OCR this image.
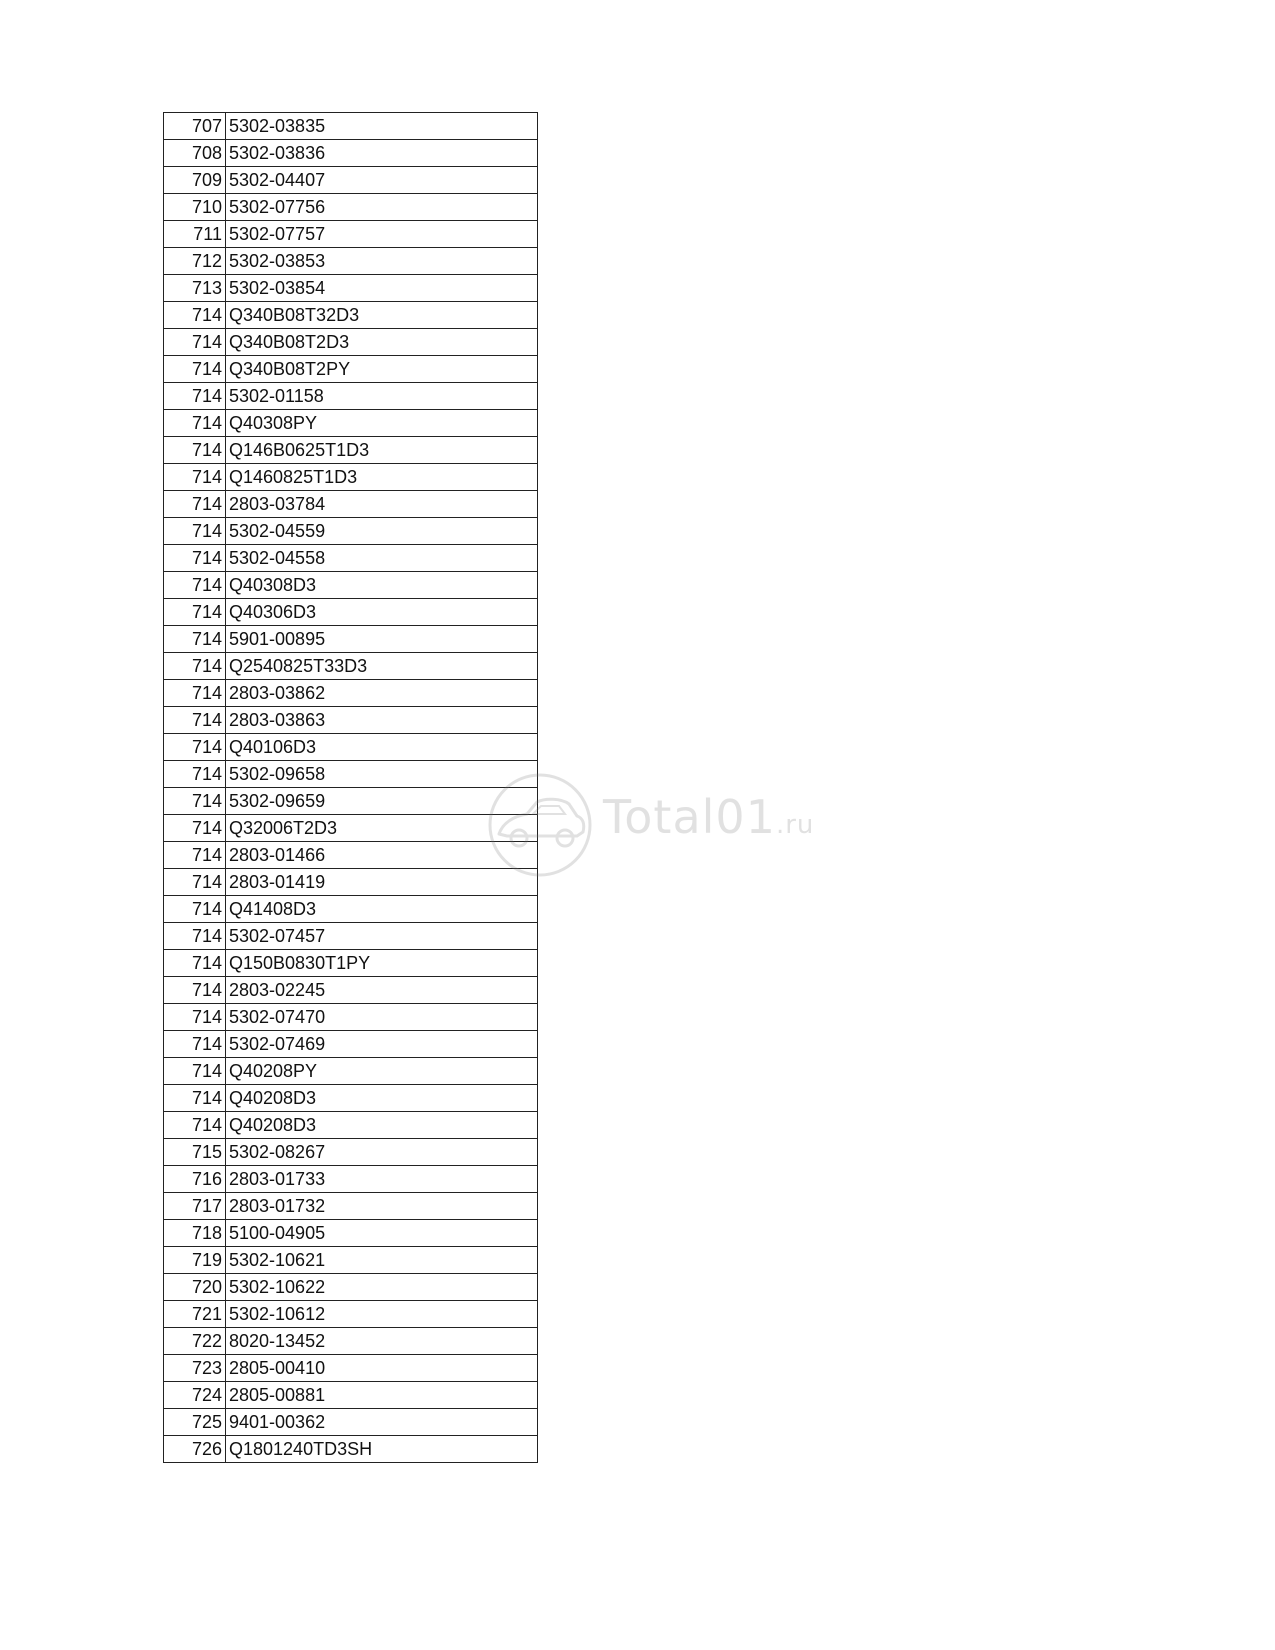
707	5302-03835
708	5302-03836
709	5302-04407
710	5302-07756
711	5302-07757
712	5302-03853
713	5302-03854
714	Q340B08T32D3
714	Q340B08T2D3
714	Q340B08T2PY
714	5302-01158
714	Q40308PY
714	Q146B0625T1D3
714	Q1460825T1D3
714	2803-03784
714	5302-04559
714	5302-04558
714	Q40308D3
714	Q40306D3
714	5901-00895
714	Q2540825T33D3
714	2803-03862
714	2803-03863
714	Q40106D3
714	5302-09658
714	5302-09659
714	Q32006T2D3
714	2803-01466
714	2803-01419
714	Q41408D3
714	5302-07457
714	Q150B0830T1PY
714	2803-02245
714	5302-07470
714	5302-07469
714	Q40208PY
714	Q40208D3
714	Q40208D3
715	5302-08267
716	2803-01733
717	2803-01732
718	5100-04905
719	5302-10621
720	5302-10622
721	5302-10612
722	8020-13452
723	2805-00410
724	2805-00881
725	9401-00362
726	Q1801240TD3SH
Total01.ru
